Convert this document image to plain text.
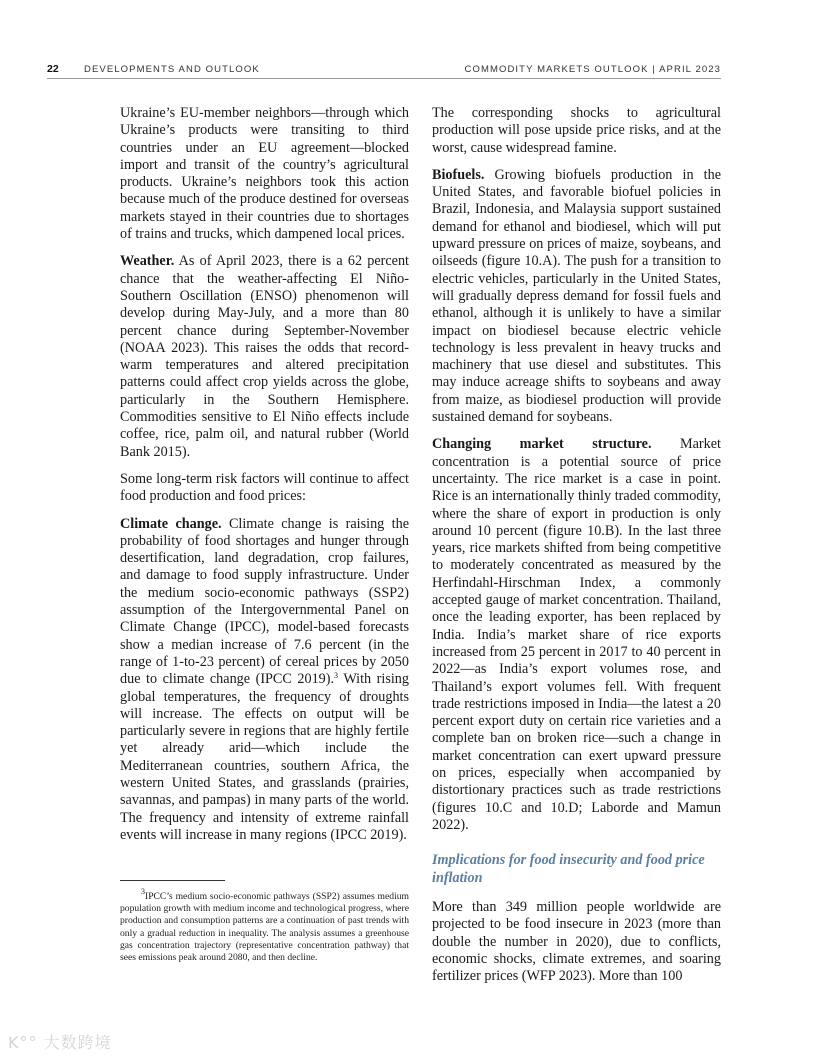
22	DEVELOPMENTS AND OUTLOOK	COMMODITY MARKETS OUTLOOK | APRIL 2023

Ukraine’s EU-member neighbors—through which Ukraine’s products were transiting to third countries under an EU agreement—blocked import and transit of the country’s agricultural products. Ukraine’s neighbors took this action because much of the produce destined for overseas markets stayed in their countries due to shortages of trains and trucks, which dampened local prices.

Weather. As of April 2023, there is a 62 percent chance that the weather-affecting El Niño-Southern Oscillation (ENSO) phenomenon will develop during May-July, and a more than 80 percent chance during September-November (NOAA 2023). This raises the odds that record-warm temperatures and altered precipitation patterns could affect crop yields across the globe, particularly in the Southern Hemisphere. Commodities sensitive to El Niño effects include coffee, rice, palm oil, and natural rubber (World Bank 2015).

Some long-term risk factors will continue to affect food production and food prices:

Climate change. Climate change is raising the probability of food shortages and hunger through desertification, land degradation, crop failures, and damage to food supply infrastructure. Under the medium socio-economic pathways (SSP2) assumption of the Intergovernmental Panel on Climate Change (IPCC), model-based forecasts show a median increase of 7.6 percent (in the range of 1-to-23 percent) of cereal prices by 2050 due to climate change (IPCC 2019).$^3$ With rising global temperatures, the frequency of droughts will increase. The effects on output will be particularly severe in regions that are highly fertile yet already arid—which include the Mediterranean countries, southern Africa, the western United States, and grasslands (prairies, savannas, and pampas) in many parts of the world. The frequency and intensity of extreme rainfall events will increase in many regions (IPCC 2019).

$^3$IPCC’s medium socio-economic pathways (SSP2) assumes medium population growth with medium income and technological progress, where production and consumption patterns are a continuation of past trends with only a gradual reduction in inequality. The analysis assumes a greenhouse gas concentration trajectory (representative concentration pathway) that sees emissions peak around 2080, and then decline.

The corresponding shocks to agricultural production will pose upside price risks, and at the worst, cause widespread famine.

Biofuels. Growing biofuels production in the United States, and favorable biofuel policies in Brazil, Indonesia, and Malaysia support sustained demand for ethanol and biodiesel, which will put upward pressure on prices of maize, soybeans, and oilseeds (figure 10.A). The push for a transition to electric vehicles, particularly in the United States, will gradually depress demand for fossil fuels and ethanol, although it is unlikely to have a similar impact on biodiesel because electric vehicle technology is less prevalent in heavy trucks and machinery that use diesel and substitutes. This may induce acreage shifts to soybeans and away from maize, as biodiesel production will provide sustained demand for soybeans.

Changing market structure. Market concentration is a potential source of price uncertainty. The rice market is a case in point. Rice is an internationally thinly traded commodity, where the share of export in production is only around 10 percent (figure 10.B). In the last three years, rice markets shifted from being competitive to moderately concentrated as measured by the Herfindahl-Hirschman Index, a commonly accepted gauge of market concentration. Thailand, once the leading exporter, has been replaced by India. India’s market share of rice exports increased from 25 percent in 2017 to 40 percent in 2022—as India’s export volumes rose, and Thailand’s export volumes fell. With frequent trade restrictions imposed in India—the latest a 20 percent export duty on certain rice varieties and a complete ban on broken rice—such a change in market concentration can exert upward pressure on prices, especially when accompanied by distortionary practices such as trade restrictions (figures 10.C and 10.D; Laborde and Mamun 2022).

Implications for food insecurity and food price inflation

More than 349 million people worldwide are projected to be food insecure in 2023 (more than double the number in 2020), due to conflicts, economic shocks, climate extremes, and soaring fertilizer prices (WFP 2023). More than 100

K°° 大数跨境
